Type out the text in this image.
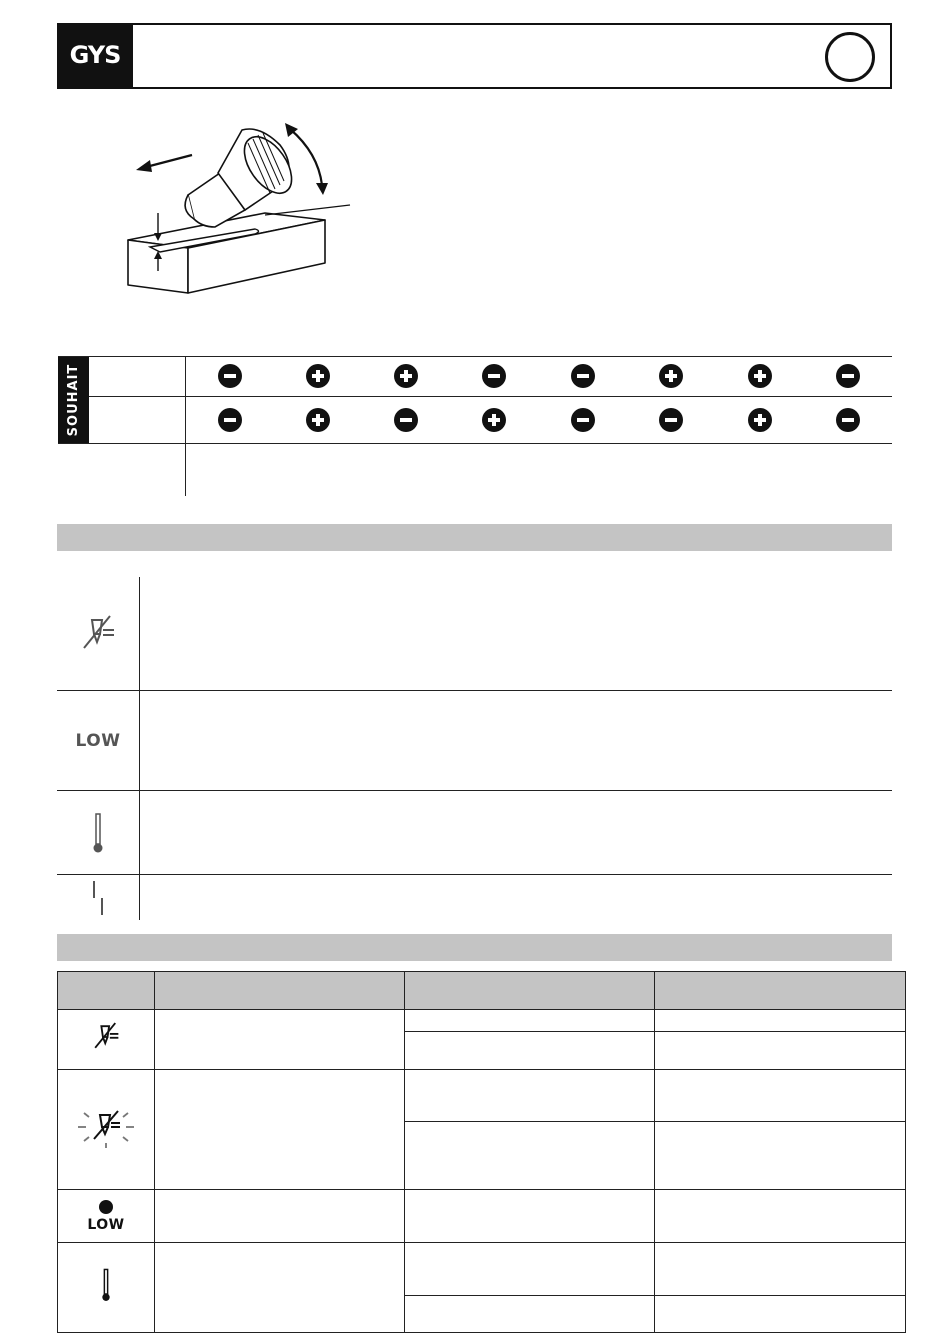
GYS
SOUHAIT
LOW

LOW			
